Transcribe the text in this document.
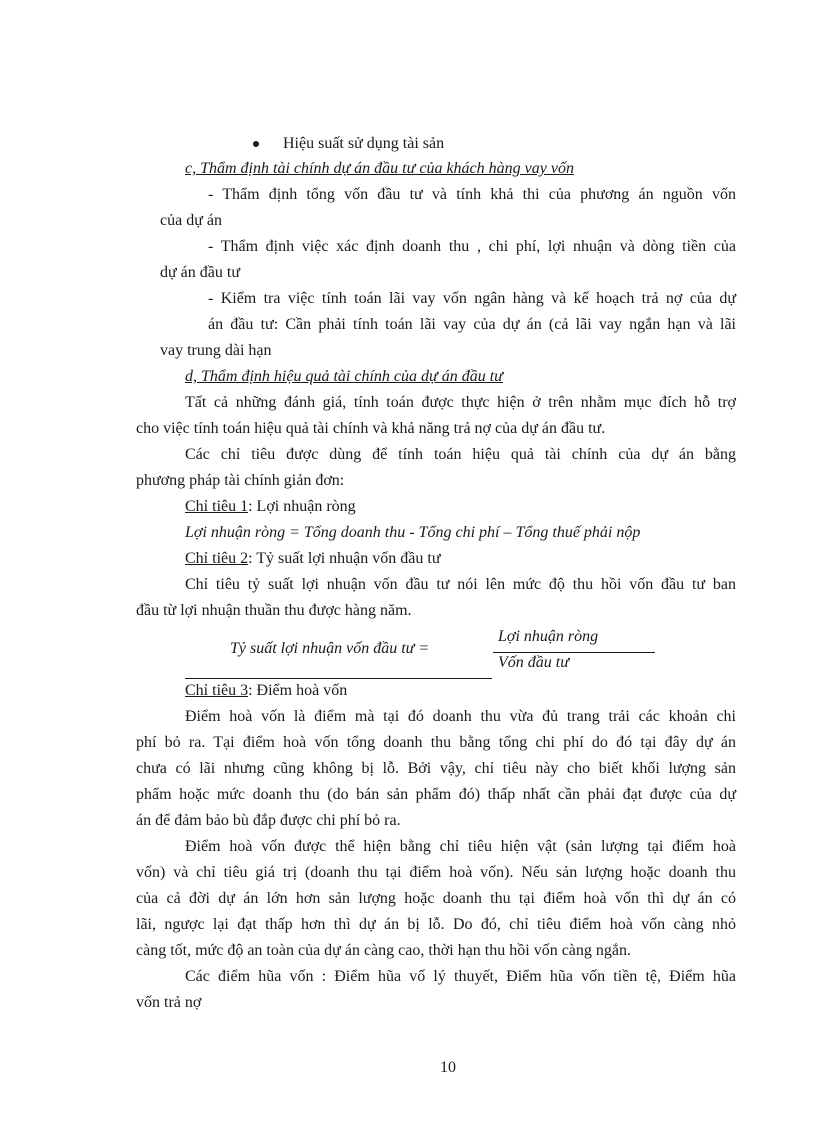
Hiệu suất sử dụng tài sản
c, Thẩm định tài chính dự án đầu tư của khách hàng vay vốn
- Thẩm định tổng vốn đầu tư và tính khả thi của phương án nguồn vốn
của dự án
- Thẩm định việc xác định doanh thu , chi phí, lợi nhuận và dòng tiền của
dự án đầu tư
- Kiểm tra việc tính toán lãi vay vốn ngân hàng và kế hoạch trả nợ của dự
án đầu tư: Cần phải tính toán lãi vay của dự án (cả lãi vay ngắn hạn và lãi
vay trung dài hạn
d, Thẩm định hiệu quả tài chính của dự án đầu tư
Tất cả những đánh giá, tính toán được thực hiện ở trên nhằm mục đích hỗ trợ
cho việc tính toán hiệu quả tài chính và khả năng trả nợ của dự án đầu tư.
Các chỉ tiêu được dùng để tính toán hiệu quả tài chính của dự án bằng
phương pháp tài chính giản đơn:
Chỉ tiêu 1: Lợi nhuận ròng
Lợi nhuận ròng = Tổng doanh thu - Tổng chi phí – Tổng thuế phải nộp
Chỉ tiêu 2: Tỷ suất lợi nhuận vốn đầu tư
Chỉ tiêu tỷ suất lợi nhuận vốn đầu tư nói lên mức độ thu hồi vốn đầu tư ban
đầu từ lợi nhuận thuần thu được hàng năm.
Tỷ suất lợi nhuận vốn đầu tư =
Lợi nhuận ròng
Vốn đầu tư
Chỉ tiêu 3: Điểm hoà vốn
Điểm hoà vốn là điểm mà tại đó doanh thu vừa đủ trang trải các khoản chi
phí bỏ ra. Tại điểm hoà vốn tổng doanh thu bằng tổng chi phí do đó tại đây dự án
chưa có lãi nhưng cũng không bị lỗ. Bởi vậy, chỉ tiêu này cho biết khối lượng sản
phẩm hoặc mức doanh thu (do bán sản phẩm đó) thấp nhất cần phải đạt được của dự
án để đảm bảo bù đắp được chi phí bỏ ra.
Điểm hoà vốn được thể hiện bằng chỉ tiêu hiện vật (sản lượng tại điểm hoà
vốn) và chỉ tiêu giá trị (doanh thu tại điểm hoà vốn). Nếu sản lượng hoặc doanh thu
của cả đời dự án lớn hơn sản lượng hoặc doanh thu tại điểm hoà vốn thì dự án có
lãi, ngược lại đạt thấp hơn thì dự án bị lỗ. Do đó, chỉ tiêu điểm hoà vốn càng nhỏ
càng tốt, mức độ an toàn của dự án càng cao, thời hạn thu hồi vốn càng ngắn.
Các điểm hũa vốn : Điểm hũa vố lý thuyết, Điểm hũa vốn tiền tệ, Điểm hũa
vốn trả nợ
10
